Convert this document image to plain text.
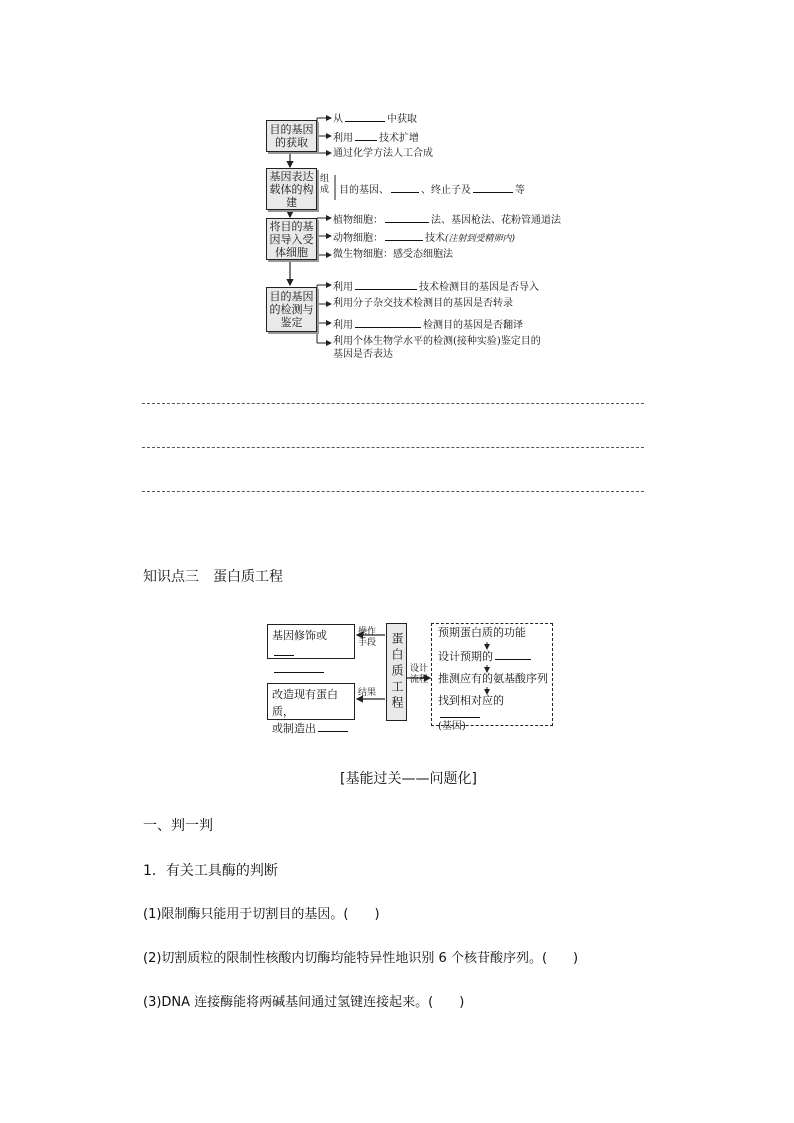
目的基因的获取
基因表达载体的构建
将目的基因导入受体细胞
目的基因的检测与鉴定
从	中获取
利用	技术扩增
通过化学方法人工合成
组成 目的基因、	、终止子及	等
植物细胞：	法、基因枪法、花粉管通道法
动物细胞：	技术(注射到受精卵内)
微生物细胞：感受态细胞法
利用	技术检测目的基因是否导入
利用分子杂交技术检测目的基因是否转录
利用	检测目的基因是否翻译
利用个体生物学水平的检测(接种实验)鉴定目的
基因是否表达
知识点三　蛋白质工程
基因修饰或	操作手段	蛋白质工程 设计流程
结果
改造现有蛋白质，
或制造出
预期蛋白质的功能
设计预期的
推测应有的氨基酸序列
找到相对应的
(基因)
[基能过关——问题化]
一、判一判
1．有关工具酶的判断
(1)限制酶只能用于切割目的基因。(　　)
(2)切割质粒的限制性核酸内切酶均能特异性地识别 6 个核苷酸序列。(　　)
(3)DNA 连接酶能将两碱基间通过氢键连接起来。(　　)
